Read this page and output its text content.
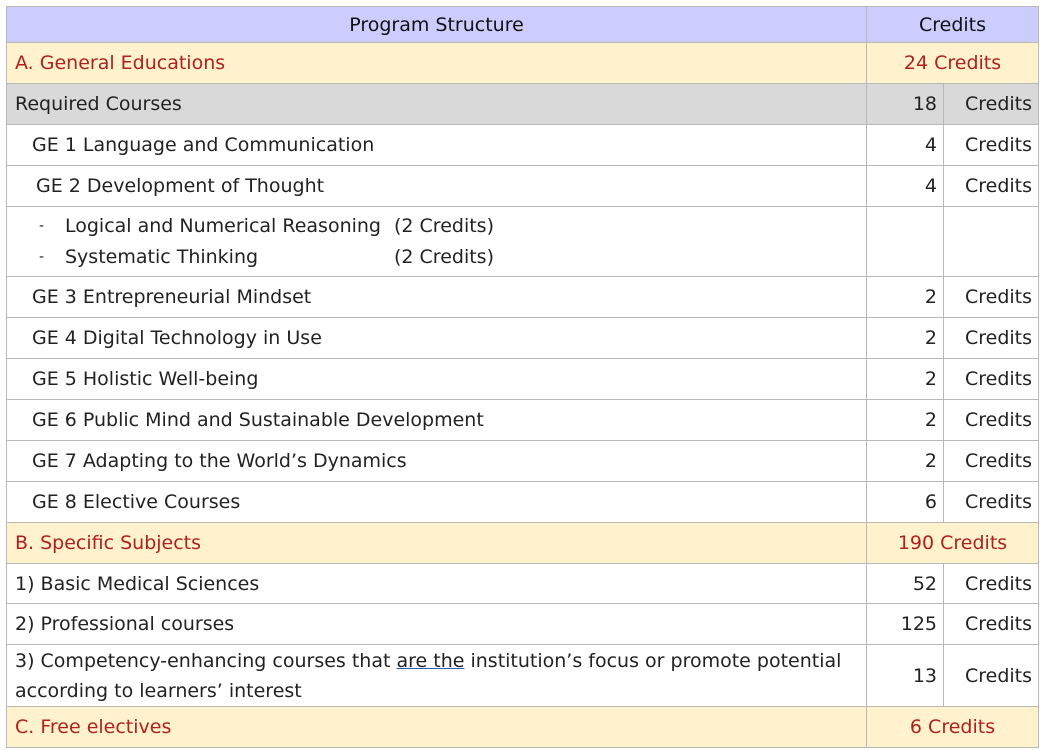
Program Structure	Credits	
A. General Educations	24 Credits	
Required Courses	18	Credits
GE 1 Language and Communication	4	Credits
GE 2 Development of Thought	4	Credits

- Logical and Numerical Reasoning (2 Credits)
- Systematic Thinking (2 Credits)		

GE 3 Entrepreneurial Mindset	2	Credits
GE 4 Digital Technology in Use	2	Credits
GE 5 Holistic Well-being	2	Credits
GE 6 Public Mind and Sustainable Development	2	Credits
GE 7 Adapting to the World’s Dynamics	2	Credits
GE 8 Elective Courses	6	Credits
B. Specific Subjects	190 Credits	
1) Basic Medical Sciences	52	Credits
2) Professional courses	125	Credits
3) Competency-enhancing courses that are the institution’s focus or promote potential according to learners’ interest	13	Credits
C. Free electives	6 Credits	
